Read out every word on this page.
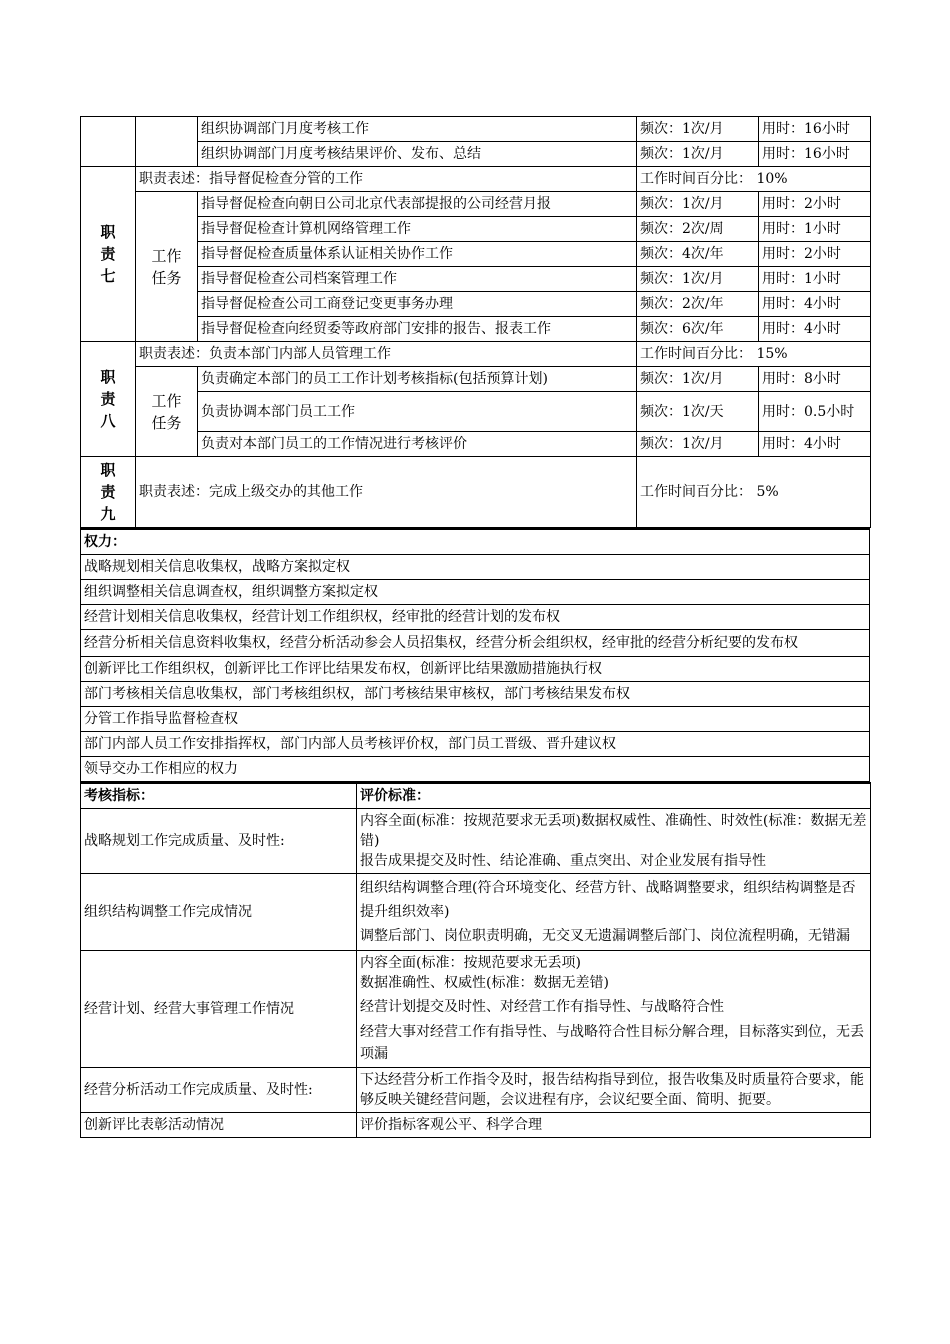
		组织协调部门月度考核工作	频次：1次/月	用时：16小时
		组织协调部门月度考核结果评价、发布、总结	频次：1次/月	用时：16小时

职
责
七	职责表述：指导督促检查分管的工作		工作时间百分比： 10%	

	工作
任务	指导督促检查向朝日公司北京代表部提报的公司经营月报	频次：1次/月	用时：2小时
		指导督促检查计算机网络管理工作	频次：2次/周	用时：1小时
		指导督促检查质量体系认证相关协作工作	频次：4次/年	用时：2小时
		指导督促检查公司档案管理工作	频次：1次/月	用时：1小时
		指导督促检查公司工商登记变更事务办理	频次：2次/年	用时：4小时
		指导督促检查向经贸委等政府部门安排的报告、报表工作	频次：6次/年	用时：4小时

职
责
八	职责表述：负责本部门内部人员管理工作		工作时间百分比： 15%	

	工作
任务	负责确定本部门的员工工作计划考核指标(包括预算计划)	频次：1次/月	用时：8小时
		负责协调本部门员工工作	频次：1次/天	用时：0.5小时
		负责对本部门员工的工作情况进行考核评价	频次：1次/月	用时：4小时

职
责
九	职责表述：完成上级交办的其他工作		工作时间百分比： 5%	
权力：
战略规划相关信息收集权，战略方案拟定权
组织调整相关信息调查权，组织调整方案拟定权
经营计划相关信息收集权，经营计划工作组织权，经审批的经营计划的发布权
经营分析相关信息资料收集权，经营分析活动参会人员招集权，经营分析会组织权，经审批的经营分析纪要的发布权
创新评比工作组织权，创新评比工作评比结果发布权，创新评比结果激励措施执行权
部门考核相关信息收集权，部门考核组织权，部门考核结果审核权，部门考核结果发布权
分管工作指导监督检查权
部门内部人员工作安排指挥权，部门内部人员考核评价权，部门员工晋级、晋升建议权
领导交办工作相应的权力
考核指标：	评价标准：
战略规划工作完成质量、及时性:	内容全面(标准：按规范要求无丢项)数据权威性、准确性、时效性(标准：数据无差错)
报告成果提交及时性、结论准确、重点突出、对企业发展有指导性

组织结构调整工作完成情况	组织结构调整合理(符合环境变化、经营方针、战略调整要求，组织结构调整是否提升组织效率)
调整后部门、岗位职责明确，无交叉无遗漏调整后部门、岗位流程明确，无错漏

经营计划、经营大事管理工作情况	内容全面(标准：按规范要求无丢项)
数据准确性、权威性(标准：数据无差错)
经营计划提交及时性、对经营工作有指导性、与战略符合性
经营大事对经营工作有指导性、与战略符合性目标分解合理，目标落实到位，无丢项漏

经营分析活动工作完成质量、及时性:	下达经营分析工作指令及时，报告结构指导到位，报告收集及时质量符合要求，能够反映关键经营问题，会议进程有序，会议纪要全面、简明、扼要。

创新评比表彰活动情况	评价指标客观公平、科学合理
